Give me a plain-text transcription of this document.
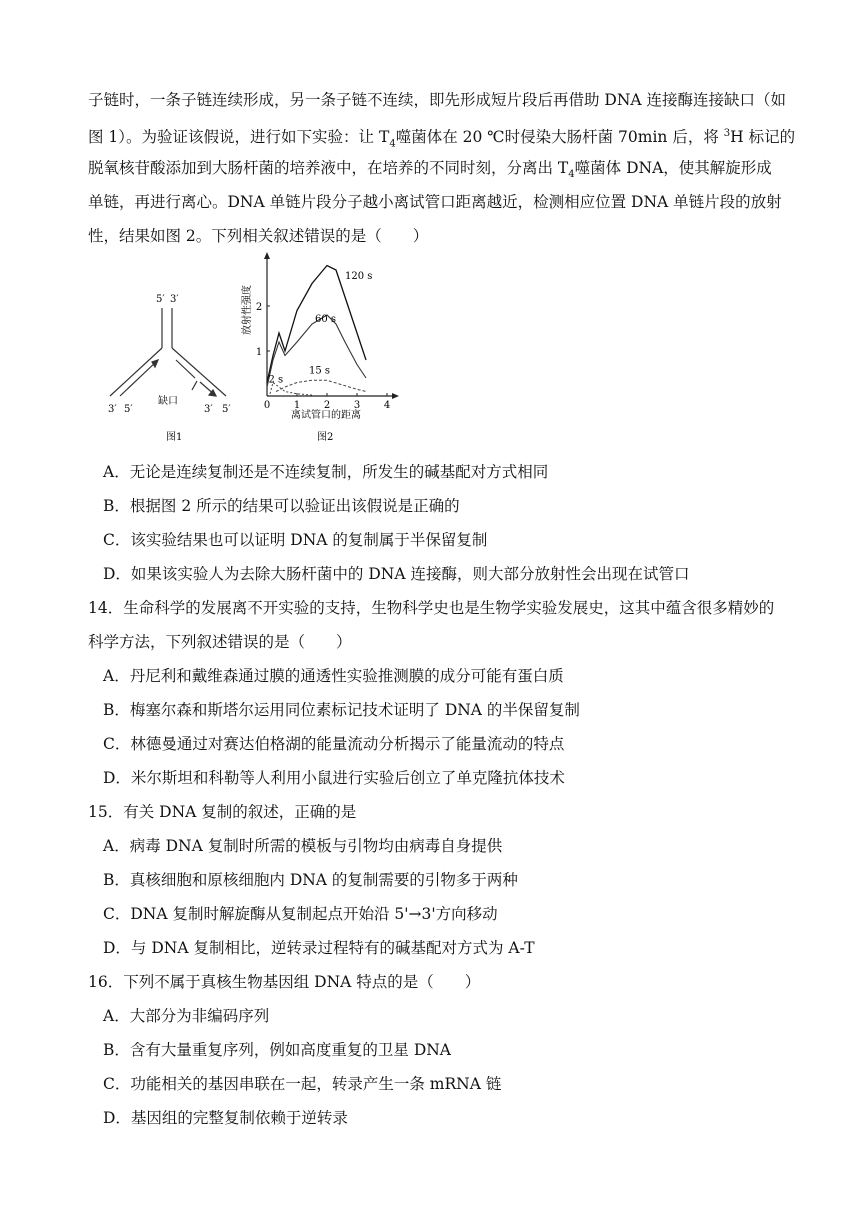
子链时，一条子链连续形成，另一条子链不连续，即先形成短片段后再借助 DNA 连接酶连接缺口（如
图 1）。为验证该假说，进行如下实验：让 $T_4$噬菌体在 20 ℃时侵染大肠杆菌 70min 后，将 $^3$H 标记的
脱氧核苷酸添加到大肠杆菌的培养液中，在培养的不同时刻，分离出 $T_4$噬菌体 DNA，使其解旋形成
单链，再进行离心。DNA 单链片段分子越小离试管口距离越近，检测相应位置 DNA 单链片段的放射
性，结果如图 2。下列相关叙述错误的是（　　）
5′ 3′
3′ 5′	3′ 5′
缺口
图1
0 1 2 3 4
1
2
120 s
60 s
15 s
2 s
放射性强度
离试管口的距离
图2
A．无论是连续复制还是不连续复制，所发生的碱基配对方式相同
B．根据图 2 所示的结果可以验证出该假说是正确的
C．该实验结果也可以证明 DNA 的复制属于半保留复制
D．如果该实验人为去除大肠杆菌中的 DNA 连接酶，则大部分放射性会出现在试管口
14．生命科学的发展离不开实验的支持，生物科学史也是生物学实验发展史，这其中蕴含很多精妙的
科学方法，下列叙述错误的是（　　）
A．丹尼利和戴维森通过膜的通透性实验推测膜的成分可能有蛋白质
B．梅塞尔森和斯塔尔运用同位素标记技术证明了 DNA 的半保留复制
C．林德曼通过对赛达伯格湖的能量流动分析揭示了能量流动的特点
D．米尔斯坦和科勒等人利用小鼠进行实验后创立了单克隆抗体技术
15．有关 DNA 复制的叙述，正确的是
A．病毒 DNA 复制时所需的模板与引物均由病毒自身提供
B．真核细胞和原核细胞内 DNA 的复制需要的引物多于两种
C．DNA 复制时解旋酶从复制起点开始沿 5'→3'方向移动
D．与 DNA 复制相比，逆转录过程特有的碱基配对方式为 A-T
16．下列不属于真核生物基因组 DNA 特点的是（　　）
A．大部分为非编码序列
B．含有大量重复序列，例如高度重复的卫星 DNA
C．功能相关的基因串联在一起，转录产生一条 mRNA 链
D．基因组的完整复制依赖于逆转录
